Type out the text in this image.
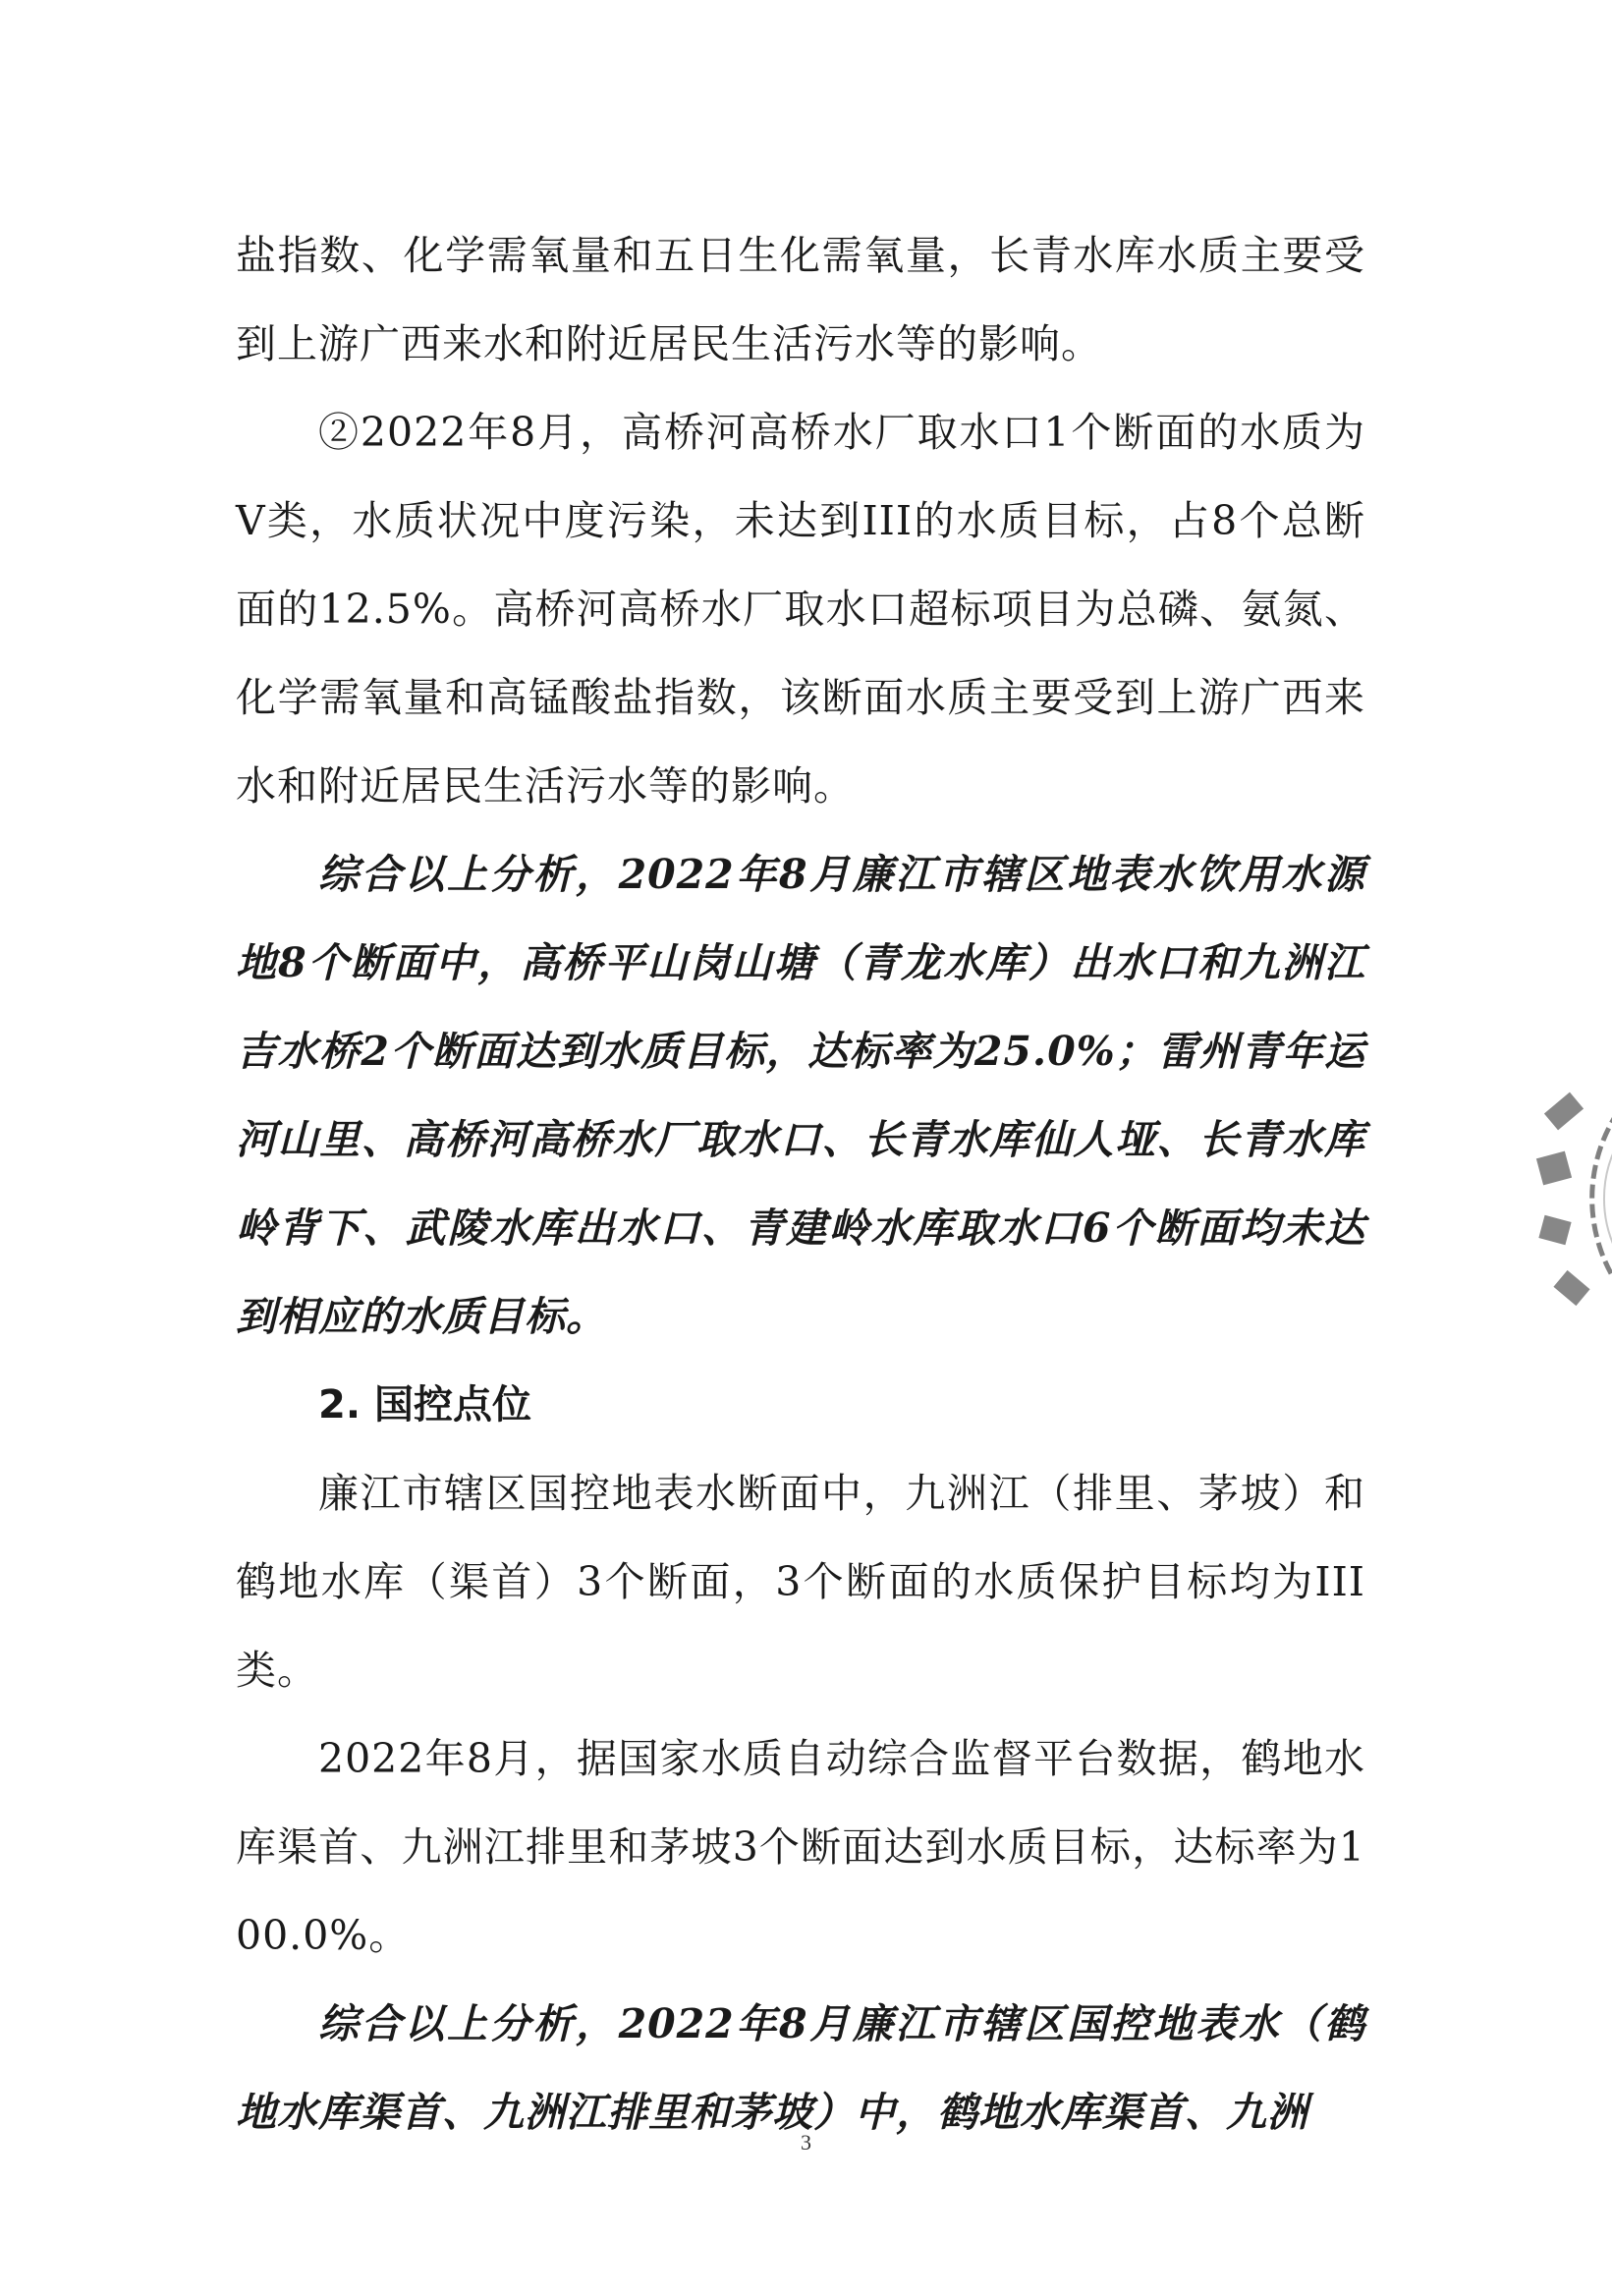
盐指数、化学需氧量和五日生化需氧量，长青水库水质主要受到上游广西来水和附近居民生活污水等的影响。

②2022年8月，高桥河高桥水厂取水口1个断面的水质为V类，水质状况中度污染，未达到III的水质目标，占8个总断面的12.5%。高桥河高桥水厂取水口超标项目为总磷、氨氮、化学需氧量和高锰酸盐指数，该断面水质主要受到上游广西来水和附近居民生活污水等的影响。

综合以上分析，2022年8月廉江市辖区地表水饮用水源地8个断面中，高桥平山岗山塘（青龙水库）出水口和九洲江吉水桥2个断面达到水质目标，达标率为25.0%；雷州青年运河山里、高桥河高桥水厂取水口、长青水库仙人垭、长青水库岭背下、武陵水库出水口、青建岭水库取水口6个断面均未达到相应的水质目标。

2. 国控点位

廉江市辖区国控地表水断面中，九洲江（排里、茅坡）和鹤地水库（渠首）3个断面，3个断面的水质保护目标均为III类。

2022年8月，据国家水质自动综合监督平台数据，鹤地水库渠首、九洲江排里和茅坡3个断面达到水质目标，达标率为100.0%。

综合以上分析，2022年8月廉江市辖区国控地表水（鹤地水库渠首、九洲江排里和茅坡）中，鹤地水库渠首、九洲

3
